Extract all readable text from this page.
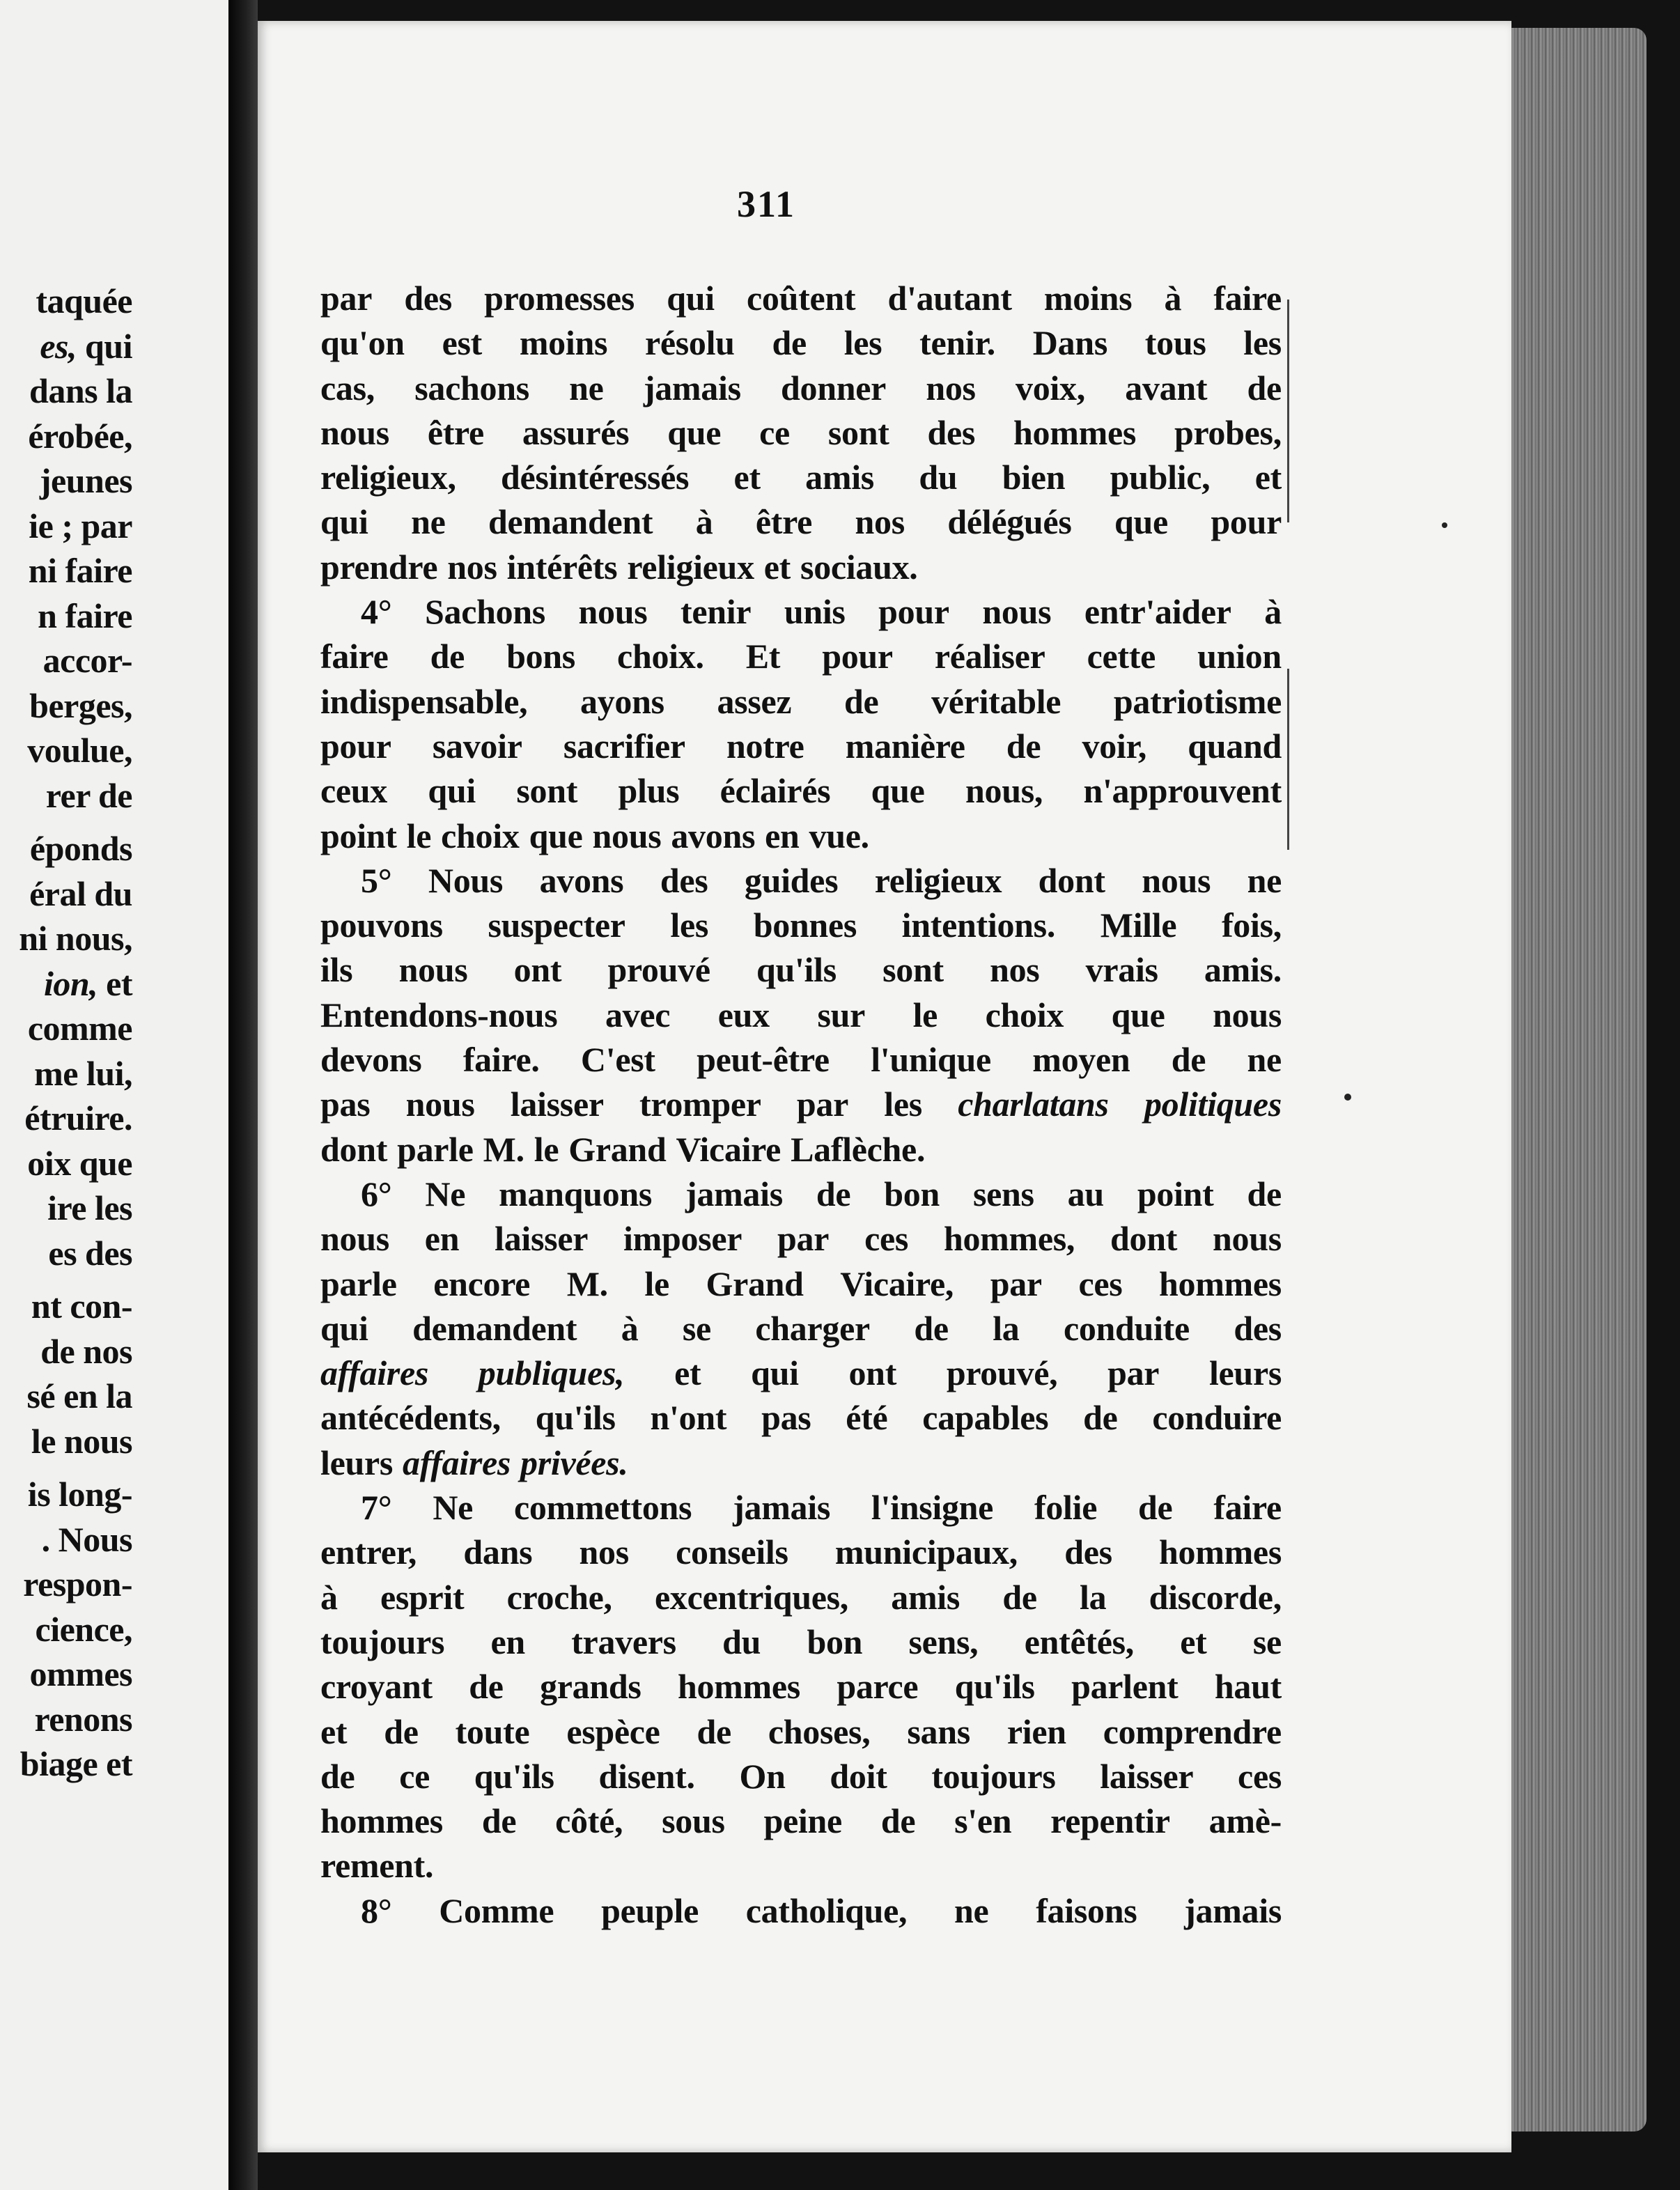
taquée
es, qui
dans la
érobée,
jeunes
ie ; par
ni faire
n faire
accor-
berges,
voulue,
rer de
éponds
éral du
ni nous,
ion, et
comme
me lui,
étruire.
oix que
ire les
es des
nt con-
de nos
sé en la
le nous
is long-
. Nous
respon-
cience,
ommes
renons
biage et
311
par des promesses qui coûtent d'autant moins à faire
qu'on est moins résolu de les tenir. Dans tous les
cas, sachons ne jamais donner nos voix, avant de
nous être assurés que ce sont des hommes probes,
religieux, désintéressés et amis du bien public, et
qui ne demandent à être nos délégués que pour
prendre nos intérêts religieux et sociaux.
4° Sachons nous tenir unis pour nous entr'aider à
faire de bons choix. Et pour réaliser cette union
indispensable, ayons assez de véritable patriotisme
pour savoir sacrifier notre manière de voir, quand
ceux qui sont plus éclairés que nous, n'approuvent
point le choix que nous avons en vue.
5° Nous avons des guides religieux dont nous ne
pouvons suspecter les bonnes intentions. Mille fois,
ils nous ont prouvé qu'ils sont nos vrais amis.
Entendons-nous avec eux sur le choix que nous
devons faire. C'est peut-être l'unique moyen de ne
pas nous laisser tromper par les charlatans politiques
dont parle M. le Grand Vicaire Laflèche.
6° Ne manquons jamais de bon sens au point de
nous en laisser imposer par ces hommes, dont nous
parle encore M. le Grand Vicaire, par ces hommes
qui demandent à se charger de la conduite des
affaires publiques, et qui ont prouvé, par leurs
antécédents, qu'ils n'ont pas été capables de conduire
leurs affaires privées.
7° Ne commettons jamais l'insigne folie de faire
entrer, dans nos conseils municipaux, des hommes
à esprit croche, excentriques, amis de la discorde,
toujours en travers du bon sens, entêtés, et se
croyant de grands hommes parce qu'ils parlent haut
et de toute espèce de choses, sans rien comprendre
de ce qu'ils disent. On doit toujours laisser ces
hommes de côté, sous peine de s'en repentir amè-
rement.
8° Comme peuple catholique, ne faisons jamais
